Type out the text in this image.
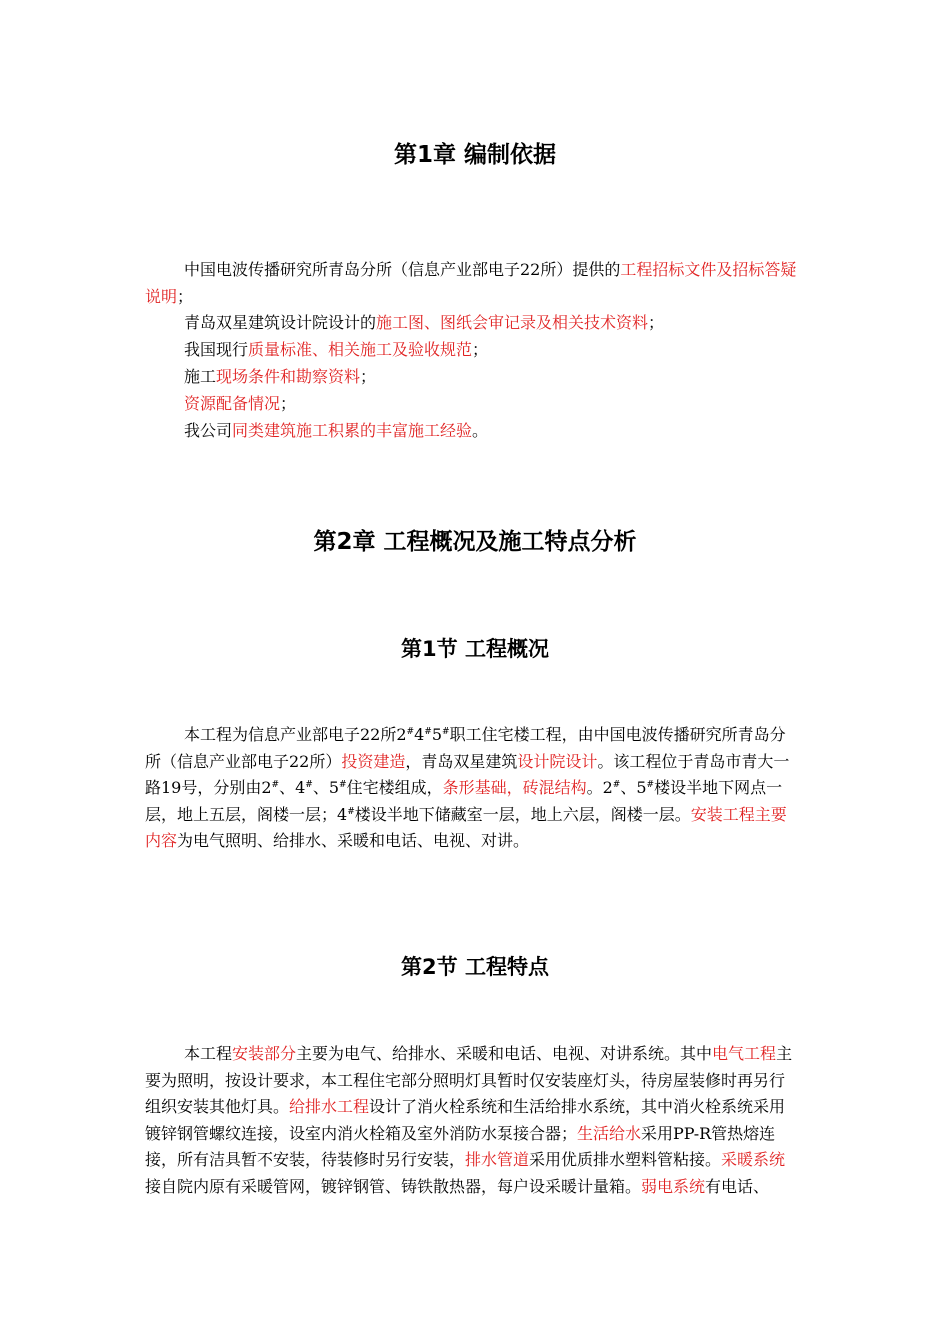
第1章 编制依据
中国电波传播研究所青岛分所（信息产业部电子22所）提供的工程招标文件及招标答疑说明；
青岛双星建筑设计院设计的施工图、图纸会审记录及相关技术资料；
我国现行质量标准、相关施工及验收规范；
施工现场条件和勘察资料；
资源配备情况；
我公司同类建筑施工积累的丰富施工经验。
第2章 工程概况及施工特点分析
第1节 工程概况
本工程为信息产业部电子22所2#4#5#职工住宅楼工程，由中国电波传播研究所青岛分所（信息产业部电子22所）投资建造，青岛双星建筑设计院设计。该工程位于青岛市青大一路19号，分别由2#、4#、5#住宅楼组成，条形基础，砖混结构。2#、5#楼设半地下网点一层，地上五层，阁楼一层；4#楼设半地下储藏室一层，地上六层，阁楼一层。安装工程主要内容为电气照明、给排水、采暖和电话、电视、对讲。
第2节 工程特点
本工程安装部分主要为电气、给排水、采暖和电话、电视、对讲系统。其中电气工程主要为照明，按设计要求，本工程住宅部分照明灯具暂时仅安装座灯头，待房屋装修时再另行组织安装其他灯具。给排水工程设计了消火栓系统和生活给排水系统，其中消火栓系统采用镀锌钢管螺纹连接，设室内消火栓箱及室外消防水泵接合器；生活给水采用PP-R管热熔连接，所有洁具暂不安装，待装修时另行安装，排水管道采用优质排水塑料管粘接。采暖系统接自院内原有采暖管网，镀锌钢管、铸铁散热器，每户设采暖计量箱。弱电系统有电话、
